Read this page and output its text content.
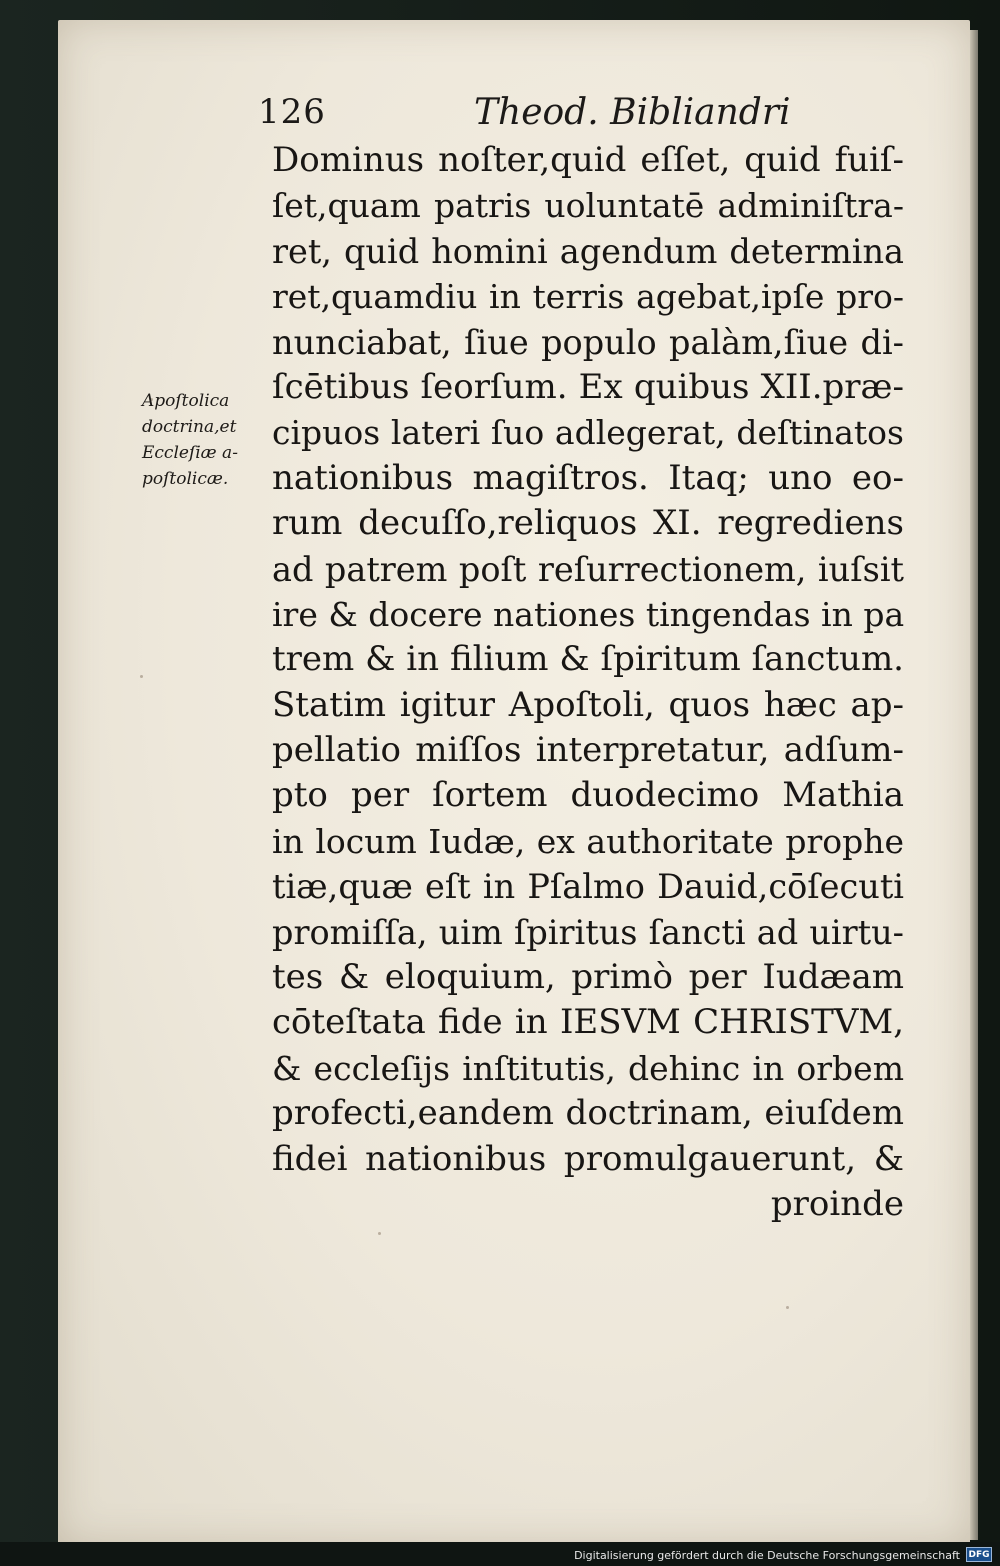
126	Theod. Bibliandri
Apoſtolica
doctrina,et
Eccleſiæ a-
poſtolicæ.
Dominus noſter,quid eſſet, quid fuiſ-
ſet,quam patris uoluntatē adminiſtra-
ret, quid homini agendum determina
ret,quamdiu in terris agebat,ipſe pro-
nunciabat, ſiue populo palàm,ſiue di-
ſcētibus ſeorſum. Ex quibus XII.præ-
cipuos lateri ſuo adlegerat, deſtinatos
nationibus magiſtros. Itaq; uno eo-
rum decuſſo,reliquos XI. regrediens
ad patrem poſt reſurrectionem, iuſsit
ire & docere nationes tingendas in pa
trem & in filium & ſpiritum ſanctum.
Statim igitur Apoſtoli, quos hæc ap-
pellatio miſſos interpretatur, adſum-
pto per ſortem duodecimo Mathia
in locum Iudæ, ex authoritate prophe
tiæ,quæ eſt in Pſalmo Dauid,cōſecuti
promiſſa, uim ſpiritus ſancti ad uirtu-
tes & eloquium, primò per Iudæam
cōteſtata fide in IESVM CHRISTVM,
& eccleſijs inſtitutis, dehinc in orbem
profecti,eandem doctrinam, eiuſdem
fidei nationibus promulgauerunt, &
proinde
Digitalisierung gefördert durch die Deutsche Forschungsgemeinschaft DFG
